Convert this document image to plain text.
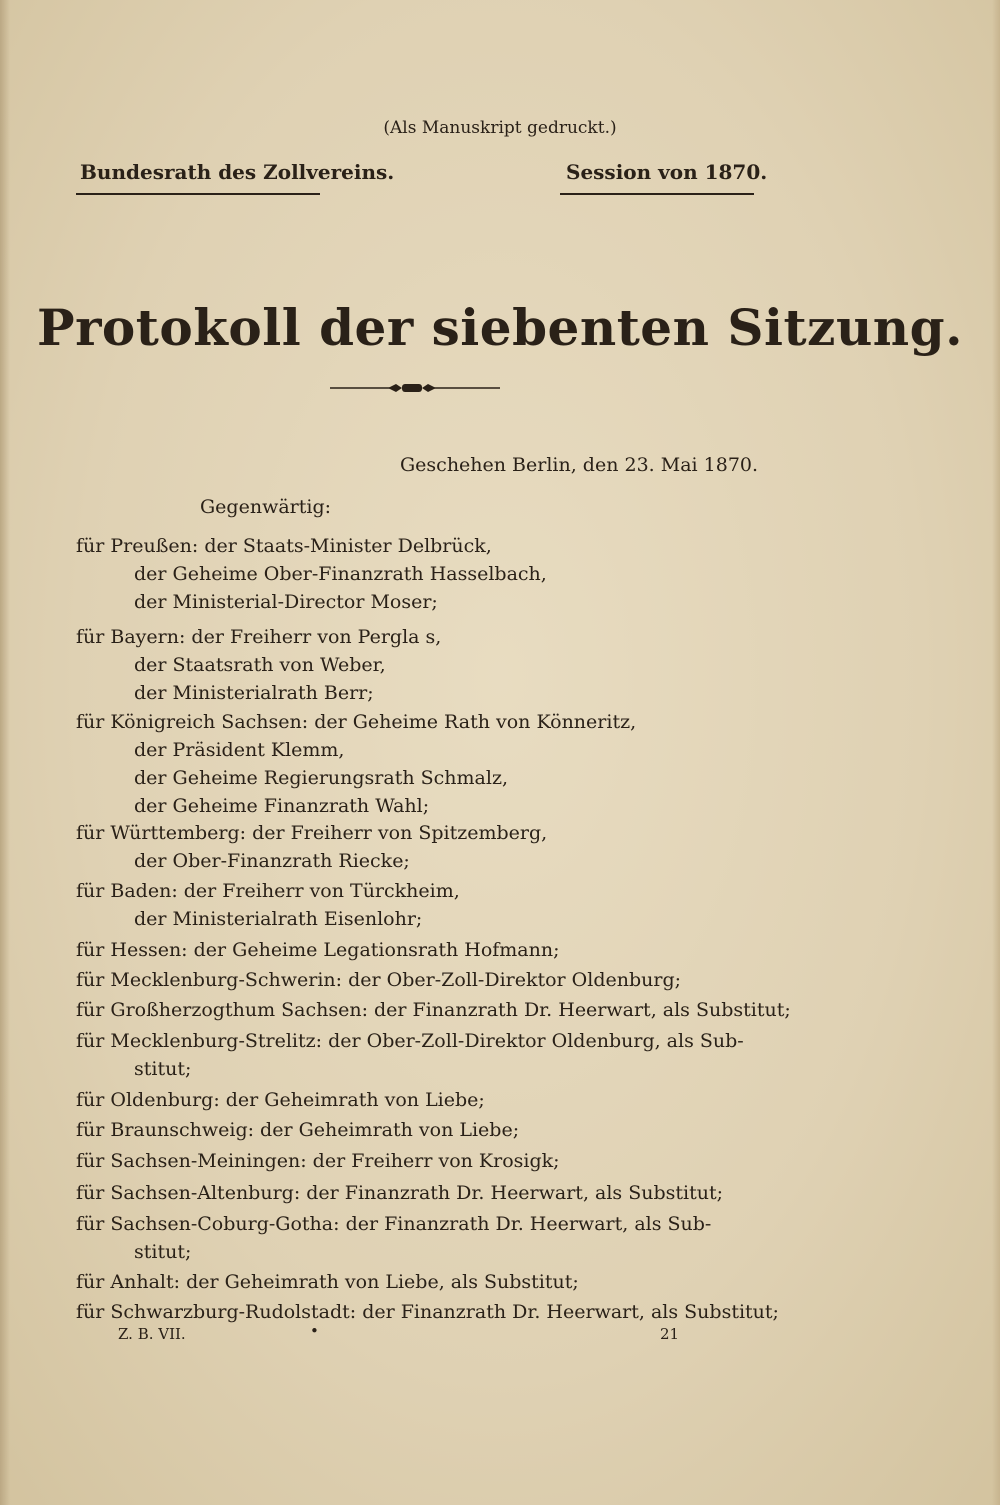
(Als Manuskript gedruckt.)
Bundesrath des Zollvereins.	Session von 1870.
Protokoll der siebenten Sitzung.
Geschehen Berlin, den 23. Mai 1870.
Gegenwärtig:
für Preußen: der Staats-Minister Delbrück,
der Geheime Ober-Finanzrath Hasselbach,
der Ministerial-Director Moser;
für Bayern: der Freiherr von Pergla s,
der Staatsrath von Weber,
der Ministerialrath Berr;
für Königreich Sachsen: der Geheime Rath von Könneritz,
der Präsident Klemm,
der Geheime Regierungsrath Schmalz,
der Geheime Finanzrath Wahl;
für Württemberg: der Freiherr von Spitzemberg,
der Ober-Finanzrath Riecke;
für Baden: der Freiherr von Türckheim,
der Ministerialrath Eisenlohr;
für Hessen: der Geheime Legationsrath Hofmann;
für Mecklenburg-Schwerin: der Ober-Zoll-Direktor Oldenburg;
für Großherzogthum Sachsen: der Finanzrath Dr. Heerwart, als Substitut;
für Mecklenburg-Strelitz: der Ober-Zoll-Direktor Oldenburg, als Sub-
stitut;
für Oldenburg: der Geheimrath von Liebe;
für Braunschweig: der Geheimrath von Liebe;
für Sachsen-Meiningen: der Freiherr von Krosigk;
für Sachsen-Altenburg: der Finanzrath Dr. Heerwart, als Substitut;
für Sachsen-Coburg-Gotha: der Finanzrath Dr. Heerwart, als Sub-
stitut;
für Anhalt: der Geheimrath von Liebe, als Substitut;
für Schwarzburg-Rudolstadt: der Finanzrath Dr. Heerwart, als Substitut;
Z. B. VII.	•	21
